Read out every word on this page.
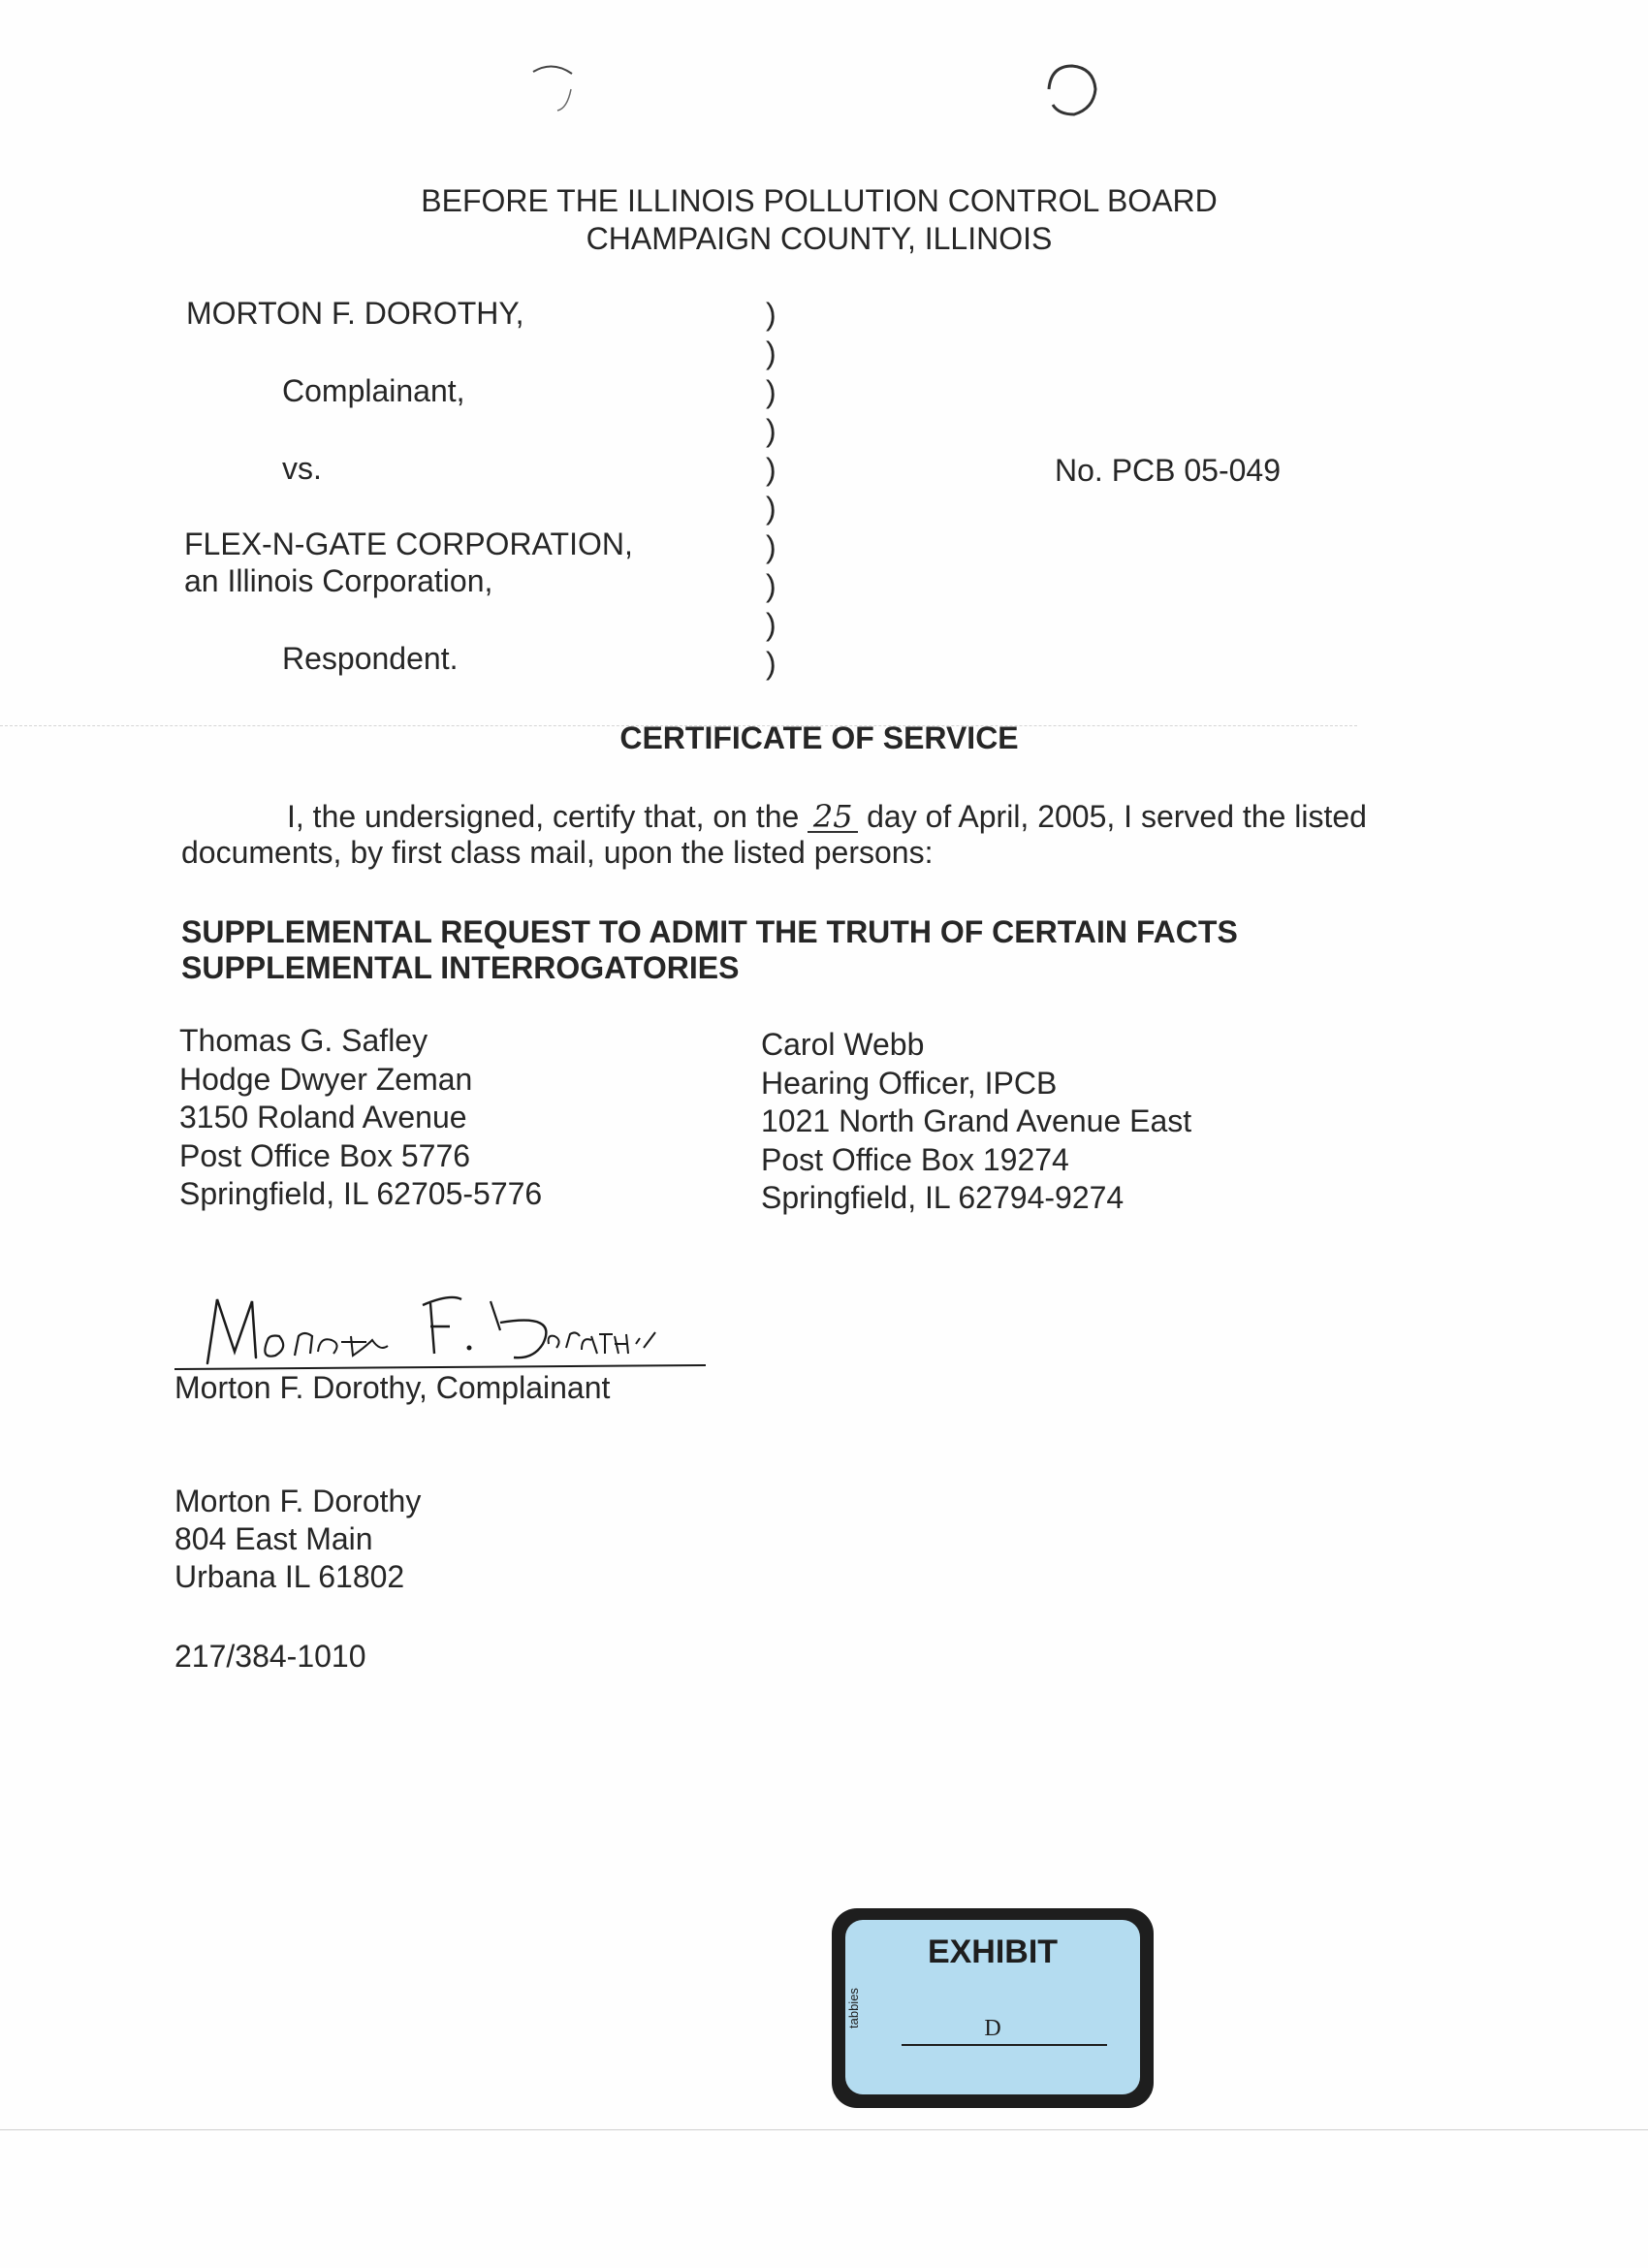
BEFORE THE ILLINOIS POLLUTION CONTROL BOARD
CHAMPAIGN COUNTY, ILLINOIS
MORTON F. DOROTHY,
Complainant,
vs.
FLEX-N-GATE CORPORATION,
an Illinois Corporation,
Respondent.
)
)
)
)
)
)
)
)
)
)
No. PCB 05-049
CERTIFICATE OF SERVICE
I, the undersigned, certify that, on the 25 day of April, 2005, I served the listed
documents, by first class mail, upon the listed persons:
SUPPLEMENTAL REQUEST TO ADMIT THE TRUTH OF CERTAIN FACTS
SUPPLEMENTAL INTERROGATORIES
Thomas G. Safley
Hodge Dwyer Zeman
3150 Roland Avenue
Post Office Box 5776
Springfield, IL 62705-5776
Carol Webb
Hearing Officer, IPCB
1021 North Grand Avenue East
Post Office Box 19274
Springfield, IL 62794-9274
Morton F. Dorothy, Complainant
Morton F. Dorothy
804 East Main
Urbana IL 61802
217/384-1010
EXHIBIT
tabbies	D
